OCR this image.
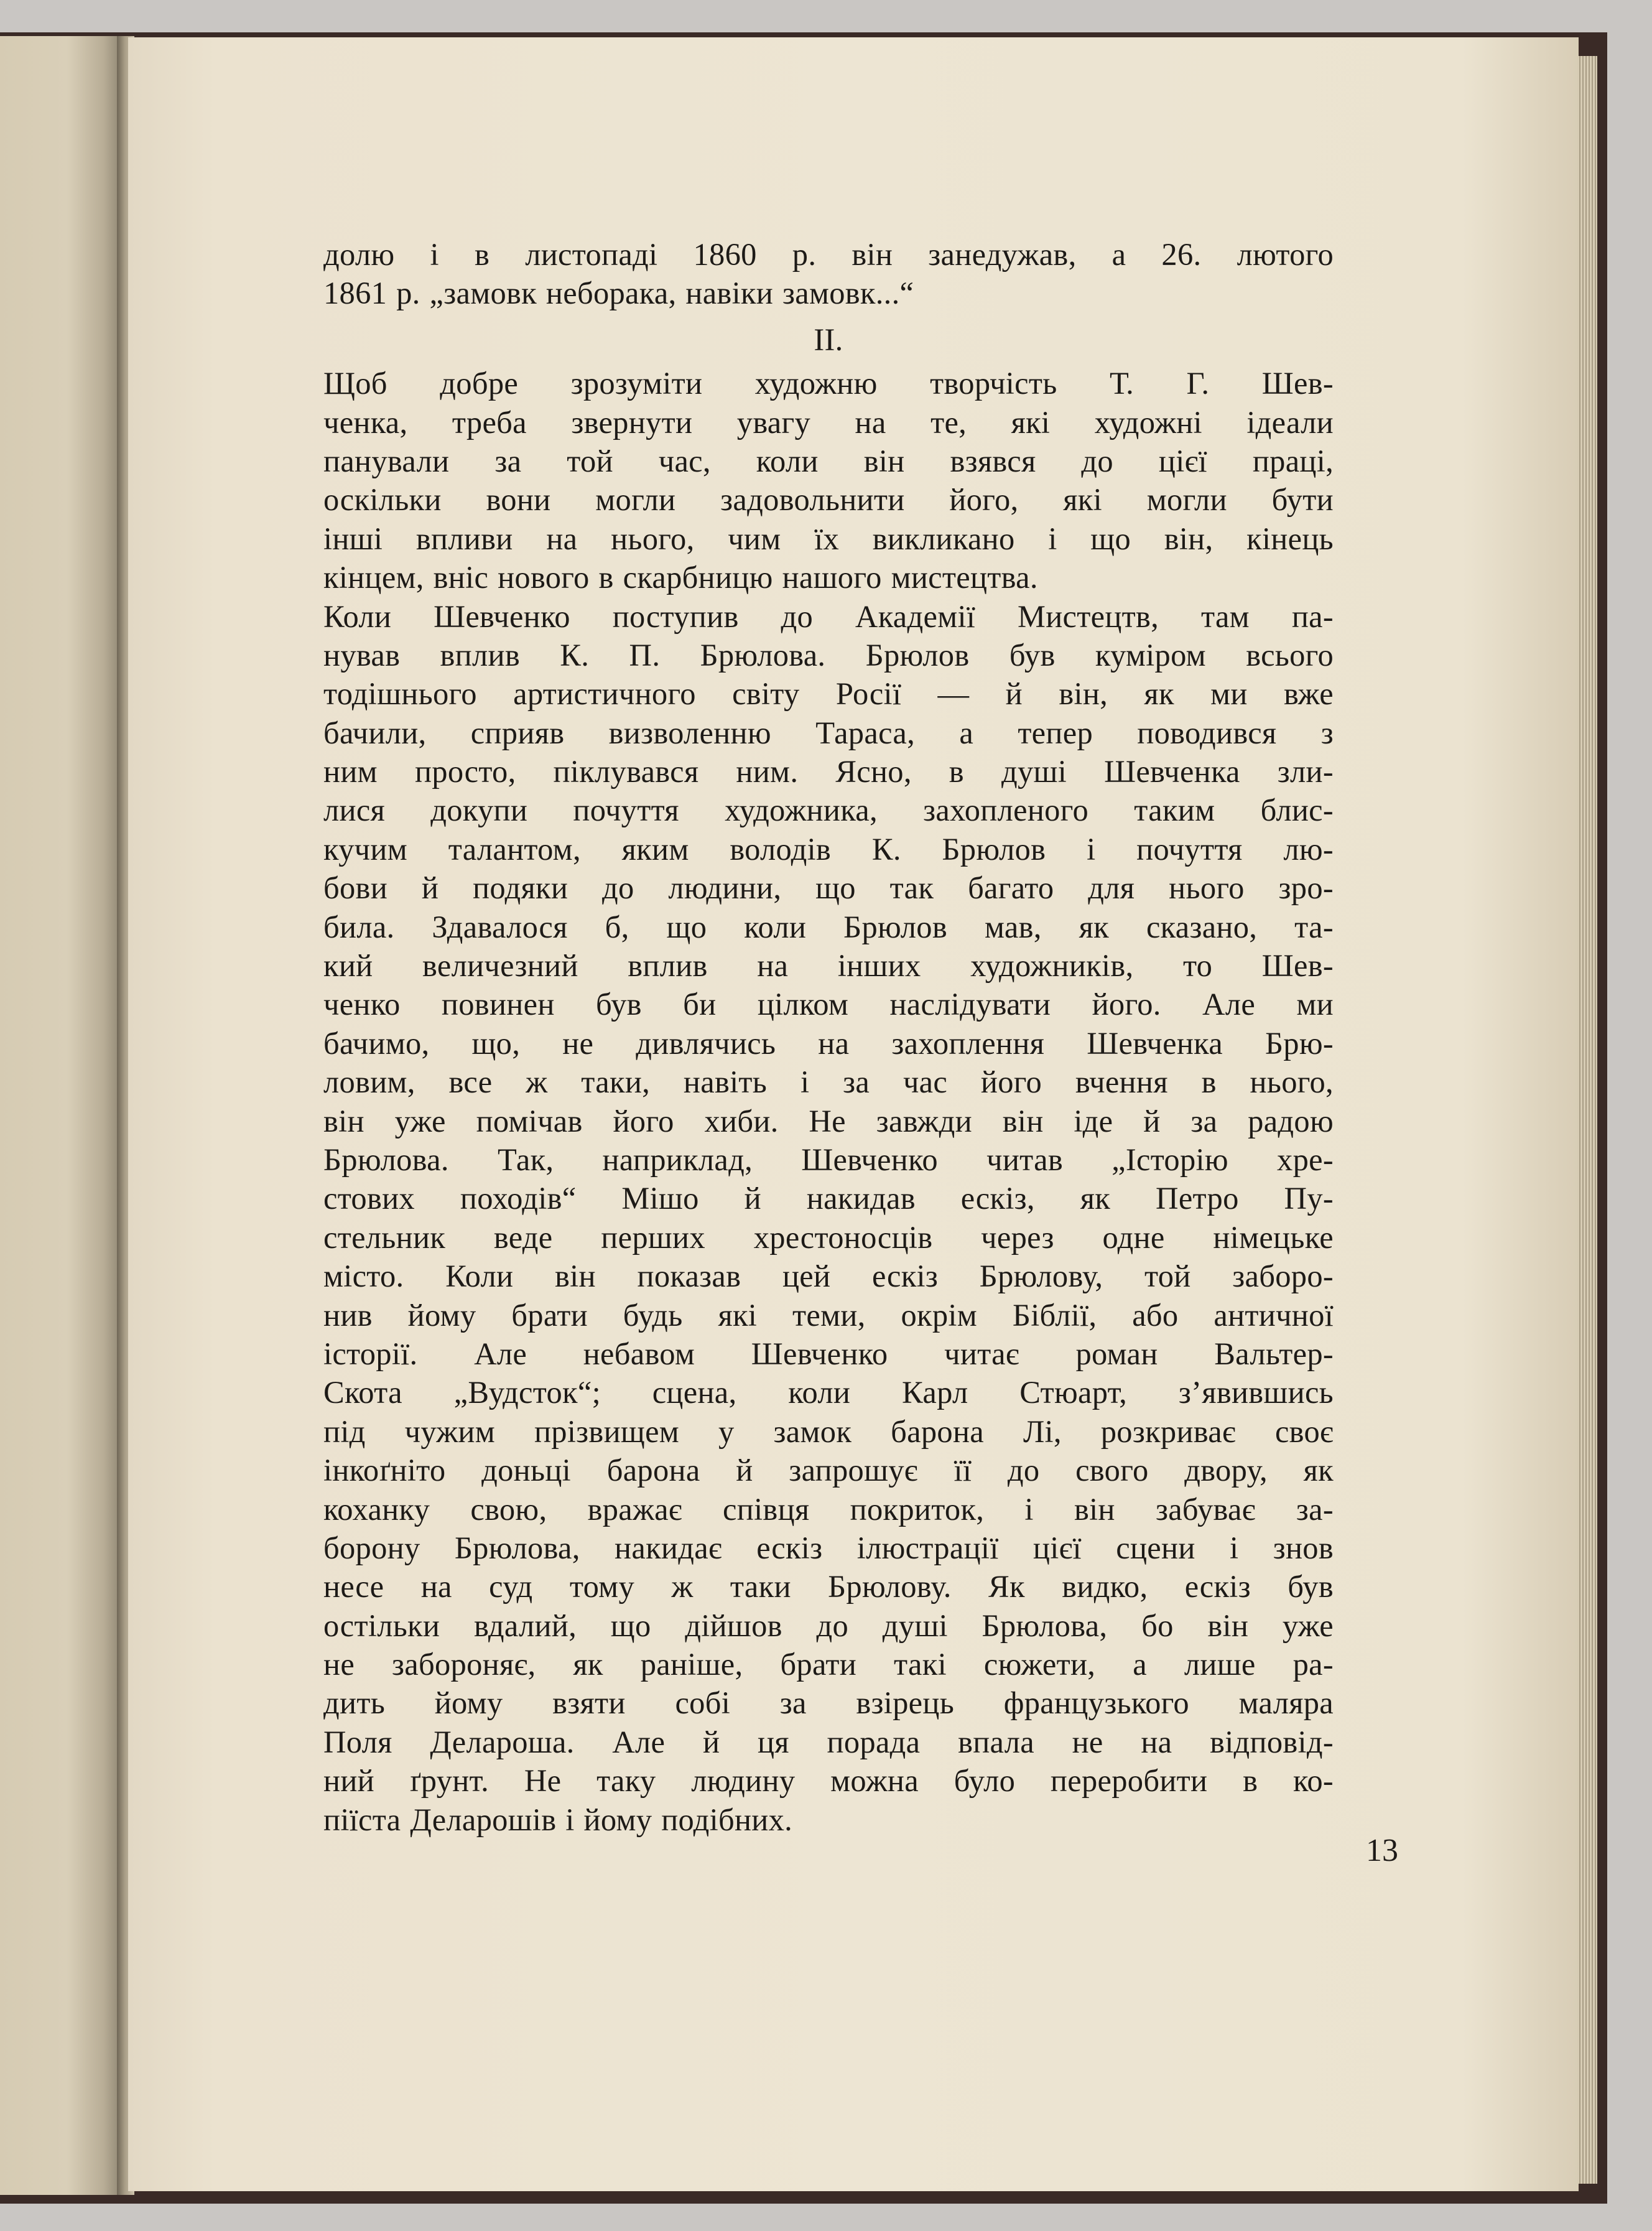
долю і в листопаді 1860 р. він занедужав, а 26. лютого
1861 р. „замовк неборака, навіки замовк...“
II.
Щоб добре зрозуміти художню творчість Т. Г. Шев-
ченка, треба звернути увагу на те, які художні ідеали
панували за той час, коли він взявся до цієї праці,
оскільки вони могли задовольнити його, які могли бути
інші впливи на нього, чим їх викликано і що він, кінець
кінцем, вніс нового в скарбницю нашого мистецтва.
Коли Шевченко поступив до Академії Мистецтв, там па-
нував вплив К. П. Брюлова. Брюлов був куміром всього
тодішнього артистичного світу Росії — й він, як ми вже
бачили, сприяв визволенню Тараса, а тепер поводився з
ним просто, піклувався ним. Ясно, в душі Шевченка зли-
лися докупи почуття художника, захопленого таким блис-
кучим талантом, яким володів К. Брюлов і почуття лю-
бови й подяки до людини, що так багато для нього зро-
била. Здавалося б, що коли Брюлов мав, як сказано, та-
кий величезний вплив на інших художників, то Шев-
ченко повинен був би цілком наслідувати його. Але ми
бачимо, що, не дивлячись на захоплення Шевченка Брю-
ловим, все ж таки, навіть і за час його вчення в нього,
він уже помічав його хиби. Не завжди він іде й за радою
Брюлова. Так, наприклад, Шевченко читав „Історію хре-
стових походів“ Мішо й накидав ескіз, як Петро Пу-
стельник веде перших хрестоносців через одне німецьке
місто. Коли він показав цей ескіз Брюлову, той заборо-
нив йому брати будь які теми, окрім Біблії, або античної
історії. Але небавом Шевченко читає роман Вальтер-
Скота „Вудсток“; сцена, коли Карл Стюарт, з’явившись
під чужим прізвищем у замок барона Лі, розкриває своє
інкоґніто доньці барона й запрошує її до свого двору, як
коханку свою, вражає співця покриток, і він забуває за-
борону Брюлова, накидає ескіз ілюстрації цієї сцени і знов
несе на суд тому ж таки Брюлову. Як видко, ескіз був
остільки вдалий, що дійшов до душі Брюлова, бо він уже
не забороняє, як раніше, брати такі сюжети, а лише ра-
дить йому взяти собі за взірець французького маляра
Поля Делароша. Але й ця порада впала не на відповід-
ний ґрунт. Не таку людину можна було переробити в ко-
піїста Деларошів і йому подібних.
13
